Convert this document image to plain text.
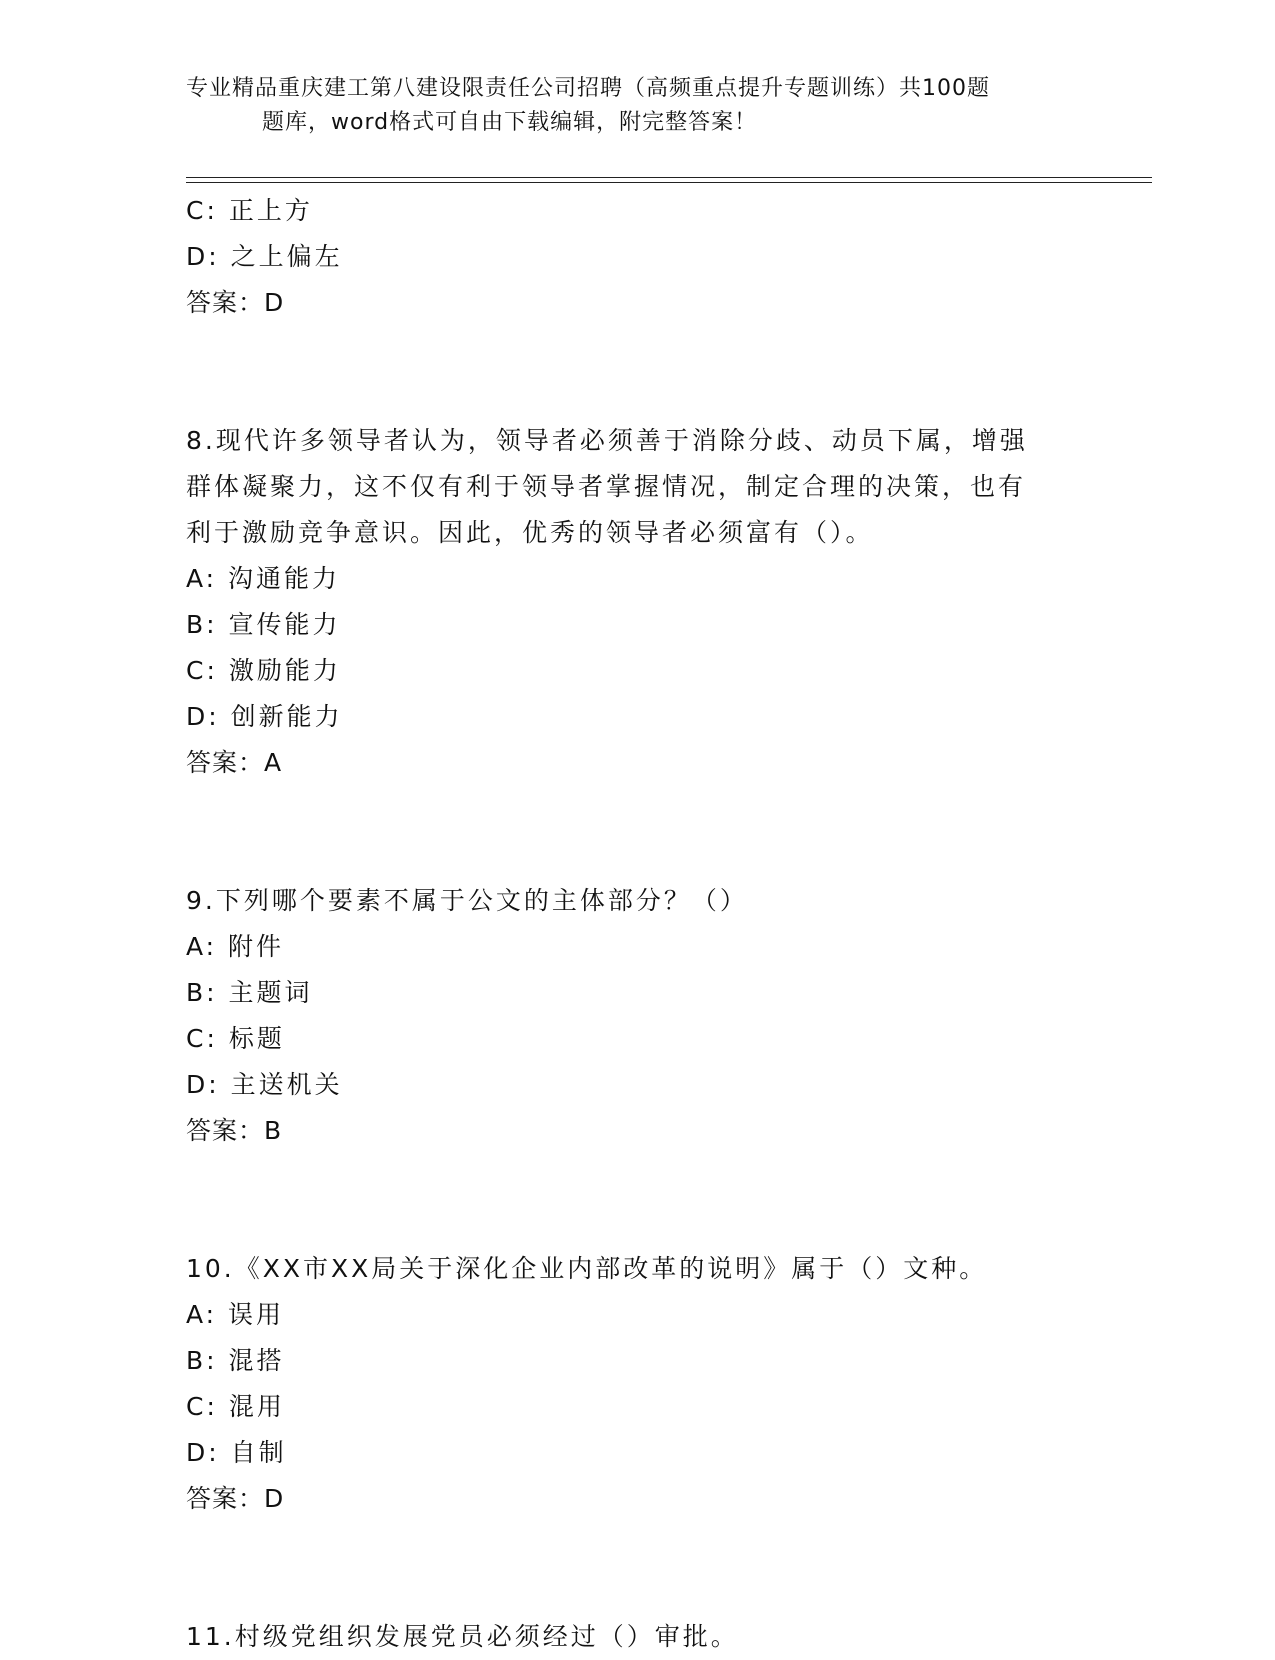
专业精品重庆建工第八建设限责任公司招聘（高频重点提升专题训练）共100题
题库，word格式可自由下载编辑，附完整答案！
C: 正上方
D: 之上偏左
答案：D
8.现代许多领导者认为，领导者必须善于消除分歧、动员下属，增强
群体凝聚力，这不仅有利于领导者掌握情况，制定合理的决策，也有
利于激励竞争意识。因此，优秀的领导者必须富有（）。
A: 沟通能力
B: 宣传能力
C: 激励能力
D: 创新能力
答案：A
9.下列哪个要素不属于公文的主体部分？（）
A: 附件
B: 主题词
C: 标题
D: 主送机关
答案：B
10.《XX市XX局关于深化企业内部改革的说明》属于（）文种。
A: 误用
B: 混搭
C: 混用
D: 自制
答案：D
11.村级党组织发展党员必须经过（）审批。
